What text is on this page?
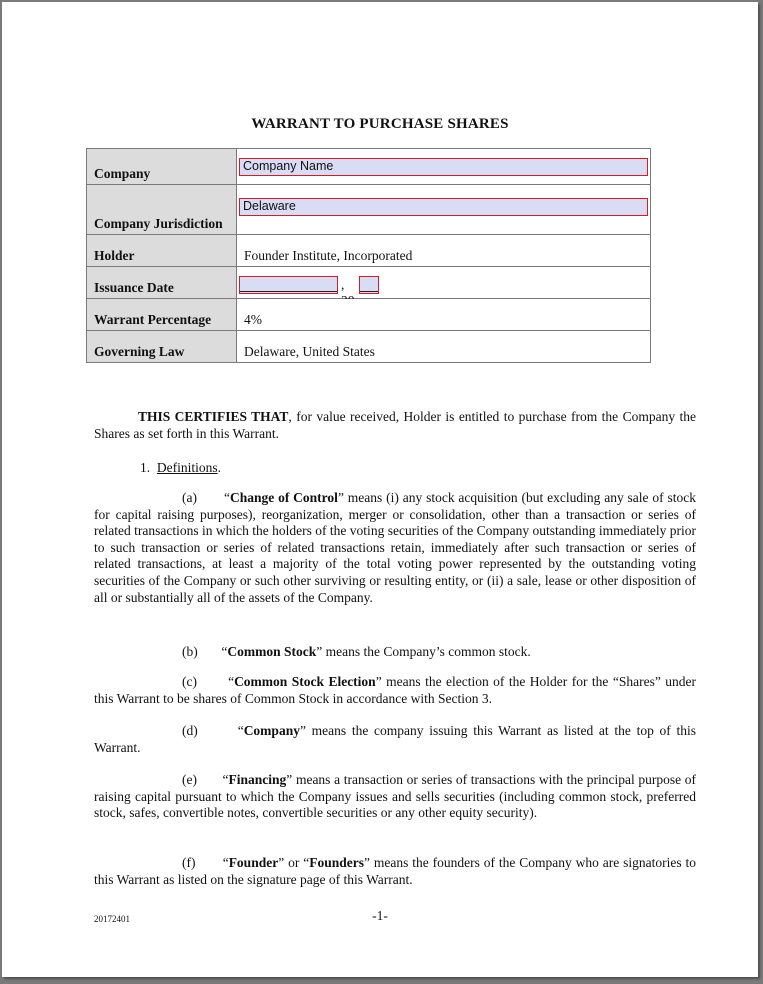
WARRANT TO PURCHASE SHARES
Company	Company Name

Company Jurisdiction	Delaware

Holder	Founder Institute, Incorporated
Issuance Date	,

Warrant Percentage	4%
Governing Law	Delaware, United States
THIS CERTIFIES THAT, for value received, Holder is entitled to purchase from the Company the Shares as set forth in this Warrant.
1. Definitions.
(a)       “Change of Control” means (i) any stock acquisition (but excluding any sale of stock for capital raising purposes), reorganization, merger or consolidation, other than a transaction or series of related transactions in which the holders of the voting securities of the Company outstanding immediately prior to such transaction or series of related transactions retain, immediately after such transaction or series of related transactions, at least a majority of the total voting power represented by the outstanding voting securities of the Company or such other surviving or resulting entity, or (ii) a sale, lease or other disposition of all or substantially all of the assets of the Company.
(b)       “Common Stock” means the Company’s common stock.
(c)       “Common Stock Election” means the election of the Holder for the “Shares” under this Warrant to be shares of Common Stock in accordance with Section 3.
(d)       “Company” means the company issuing this Warrant as listed at the top of this Warrant.
(e)       “Financing” means a transaction or series of transactions with the principal purpose of raising capital pursuant to which the Company issues and sells securities (including common stock, preferred stock, safes, convertible notes, convertible securities or any other equity security).
(f)       “Founder” or “Founders” means the founders of the Company who are signatories to this Warrant as listed on the signature page of this Warrant.
20172401	-1-
